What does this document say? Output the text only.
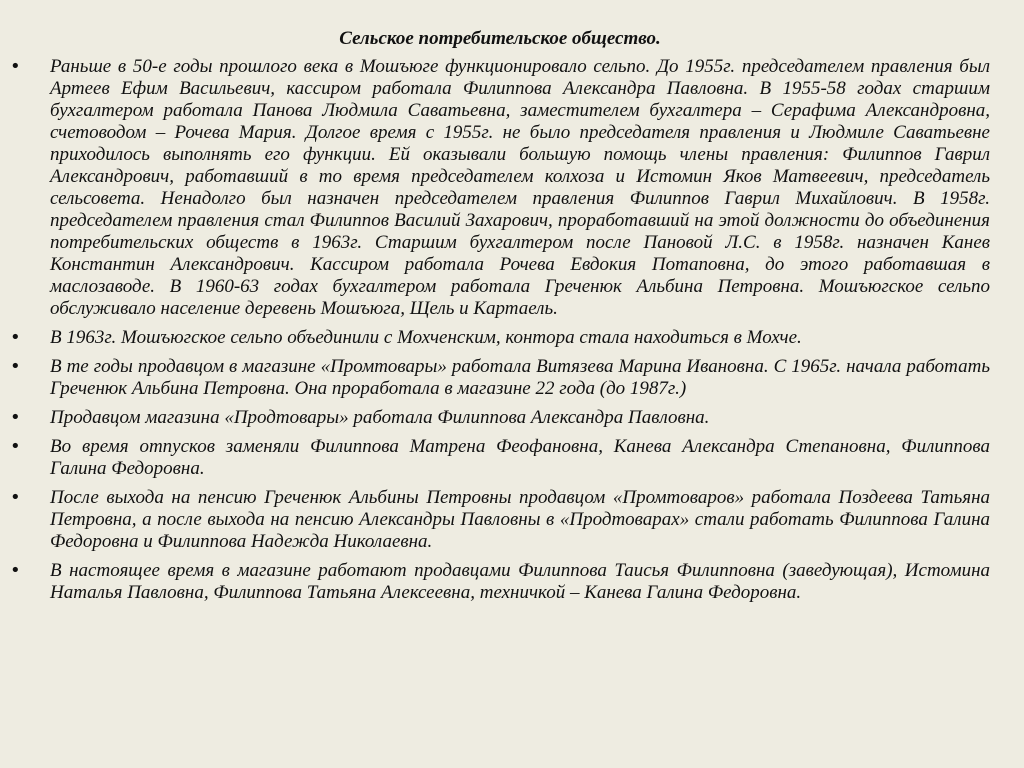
Сельское потребительское общество.
•	Раньше в 50-е годы прошлого века в Мошъюге функционировало сельпо. До 1955г. председателем правления был Артеев Ефим Васильевич, кассиром работала Филиппова Александра Павловна. В 1955-58 годах старшим бухгалтером работала Панова Людмила Саватьевна, заместителем бухгалтера – Серафима Александровна, счетоводом – Рочева Мария. Долгое время с 1955г. не было председателя правления и Людмиле Саватьевне приходилось выполнять его функции. Ей оказывали большую помощь члены правления: Филиппов Гаврил Александрович, работавший в то время председателем колхоза и Истомин Яков Матвеевич, председатель сельсовета. Ненадолго был назначен председателем правления Филиппов Гаврил Михайлович. В 1958г. председателем правления стал Филиппов Василий Захарович, проработавший на этой должности до объединения потребительских обществ в 1963г. Старшим бухгалтером после Пановой Л.С. в 1958г. назначен Канев Константин Александрович. Кассиром работала Рочева Евдокия Потаповна, до этого работавшая в маслозаводе. В 1960-63 годах бухгалтером работала Греченюк Альбина Петровна. Мошъюгское сельпо обслуживало население деревень Мошъюга, Щель и Картаель.
•	В 1963г. Мошъюгское сельпо объединили с Мохченским, контора стала находиться в Мохче.
•	В те годы продавцом в магазине «Промтовары» работала Витязева Марина Ивановна. С 1965г. начала работать Греченюк Альбина Петровна. Она проработала в магазине 22 года (до 1987г.)
•	Продавцом магазина «Продтовары» работала Филиппова Александра Павловна.
•	Во время отпусков заменяли Филиппова Матрена Феофановна, Канева Александра Степановна, Филиппова Галина Федоровна.
•	После выхода на пенсию Греченюк Альбины Петровны продавцом «Промтоваров» работала Поздеева Татьяна Петровна, а после выхода на пенсию Александры Павловны в «Продтоварах» стали работать Филиппова Галина Федоровна и Филиппова Надежда Николаевна.
•	В настоящее время в магазине работают продавцами Филиппова Таисья Филипповна (заведующая), Истомина Наталья Павловна, Филиппова Татьяна Алексеевна, техничкой – Канева Галина Федоровна.
